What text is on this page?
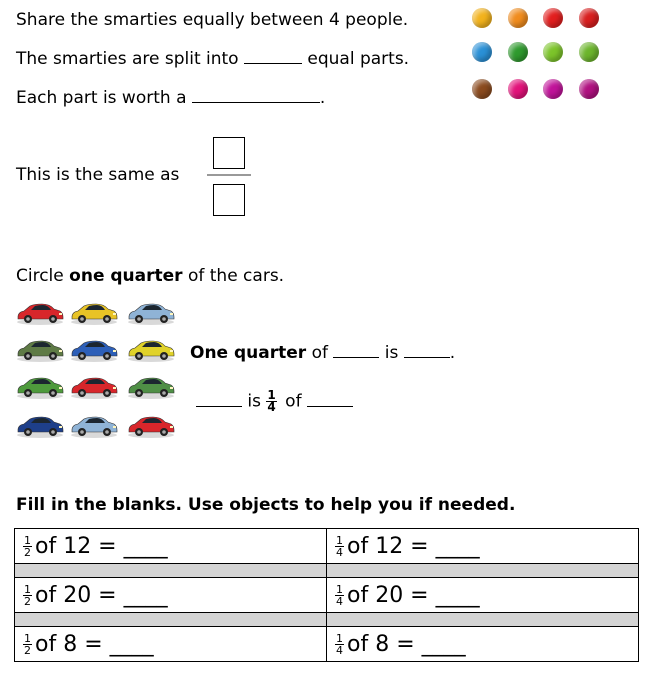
Share the smarties equally between 4 people.
The smarties are split into	equal parts.
Each part is worth a	.
This is the same as
Circle one quarter of the cars.
One quarter of	is	.
is $\frac{1}{4}$ of
Fill in the blanks. Use objects to help you if needed.
$\frac{1}{2}$ of 12 = ____	$\frac{1}{4}$ of 12 = ____

$\frac{1}{2}$ of 20 = ____	$\frac{1}{4}$ of 20 = ____

$\frac{1}{2}$ of 8 = ____	$\frac{1}{4}$ of 8 = ____
